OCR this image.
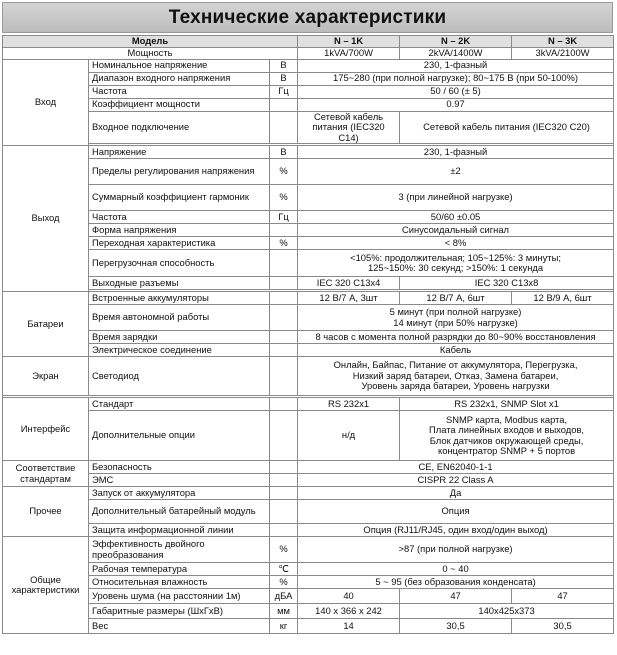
Технические характеристики
Модель			N – 1K	N – 2K	N – 3K
Мощность			1kVA/700W	2kVA/1400W	3kVA/2100W
Вход	Номинальное напряжение	В	230, 1-фазный		
	Диапазон входного напряжения	В	175~280 (при полной нагрузке); 80~175 В (при 50-100%)		
	Частота	Гц	50 / 60 (± 5)		
	Коэффициент мощности		0.97		
	Входное подключение		Сетевой кабель питания (IEC320 C14)	Сетевой кабель питания (IEC320 C20)	

Выход	Напряжение	В	230, 1-фазный		
	Пределы регулирования напряжения	%	±2		
	Суммарный коэффициент гармоник	%	3 (при линейной нагрузке)		
	Частота	Гц	50/60 ±0.05		
	Форма напряжения		Синусоидальный сигнал		
	Переходная характеристика	%	< 8%		
	Перегрузочная способность		<105%: продолжительная; 105~125%: 3 минуты;
125~150%: 30 секунд; >150%: 1 секунда		

	Выходные разъемы		IEC 320 C13x4	IEC 320 C13x8	

Батареи	Встроенные аккумуляторы		12 В/7 А, 3шт	12 В/7 А, 6шт	12 В/9 А, 6шт
	Время автономной работы		5 минут (при полной нагрузке)
14 минут (при 50% нагрузке)		

	Время зарядки		8 часов с момента полной разрядки до 80~90% восстановления		
	Электрическое соединение		Кабель		
Экран	Светодиод		Онлайн, Байпас, Питание от аккумулятора, Перегрузка,
Низкий заряд батареи, Отказ, Замена батареи,
Уровень заряда батареи, Уровень нагрузки		

Интерфейс	Стандарт		RS 232x1	RS 232x1, SNMP Slot x1	
	Дополнительные опции		н/д	SNMP карта, Modbus карта,
Плата линейных входов и выходов,
Блок датчиков окружающей среды,
концентратор SNMP + 5 портов	

Соответствие стандартам	Безопасность		CE, EN62040-1-1		
	ЭМС		CISPR 22 Class A		
Прочее	Запуск от аккумулятора		Да		
	Дополнительный батарейный модуль		Опция		
	Защита информационной линии		Опция (RJ11/RJ45, один вход/один выход)		
Общие характеристики	Эффективность двойного преобразования	%	>87 (при полной нагрузке)		
	Рабочая температура	℃	0 ~ 40		
	Относительная влажность	%	5 ~ 95 (без образования конденсата)		
	Уровень шума (на расстоянии 1м)	дБА	40	47	47
	Габаритные размеры (ШхГхВ)	мм	140 x 366 x 242	140x425x373	
	Вес	кг	14	30,5	30,5
